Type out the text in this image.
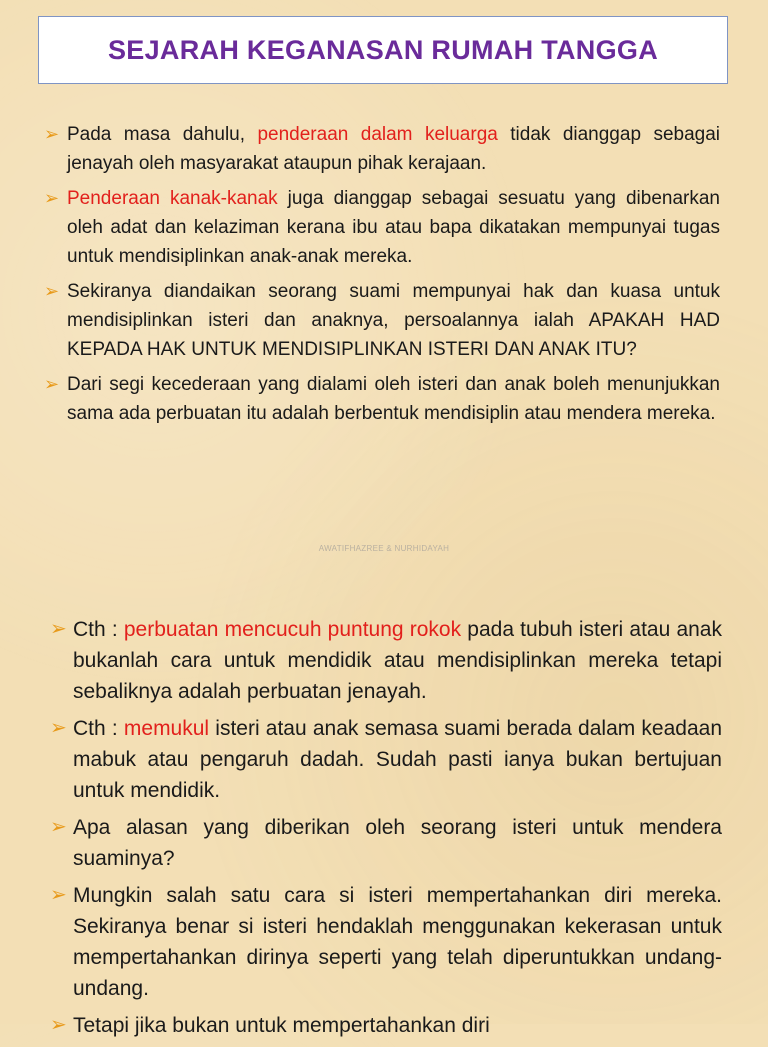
SEJARAH KEGANASAN RUMAH TANGGA
➢ Pada masa dahulu, penderaan dalam keluarga tidak dianggap sebagai jenayah oleh masyarakat ataupun pihak kerajaan.
➢ Penderaan kanak-kanak juga dianggap sebagai sesuatu yang dibenarkan oleh adat dan kelaziman kerana ibu atau bapa dikatakan mempunyai tugas untuk mendisiplinkan anak-anak mereka.
➢ Sekiranya diandaikan seorang suami mempunyai hak dan kuasa untuk mendisiplinkan isteri dan anaknya, persoalannya ialah APAKAH HAD KEPADA HAK UNTUK MENDISIPLINKAN ISTERI DAN ANAK ITU?
➢ Dari segi kecederaan yang dialami oleh isteri dan anak boleh menunjukkan sama ada perbuatan itu adalah berbentuk mendisiplin atau mendera mereka.
AWATIFHAZREE & NURHIDAYAH
➢ Cth : perbuatan mencucuh puntung rokok pada tubuh isteri atau anak bukanlah cara untuk mendidik atau mendisiplinkan mereka tetapi sebaliknya adalah perbuatan jenayah.
➢ Cth : memukul isteri atau anak semasa suami berada dalam keadaan mabuk atau pengaruh dadah. Sudah pasti ianya bukan bertujuan untuk mendidik.
➢ Apa alasan yang diberikan oleh seorang isteri untuk mendera suaminya?
➢ Mungkin salah satu cara si isteri mempertahankan diri mereka. Sekiranya benar si isteri hendaklah menggunakan kekerasan untuk mempertahankan dirinya seperti yang telah diperuntukkan undang-undang.
➢ Tetapi jika bukan untuk mempertahankan diri
